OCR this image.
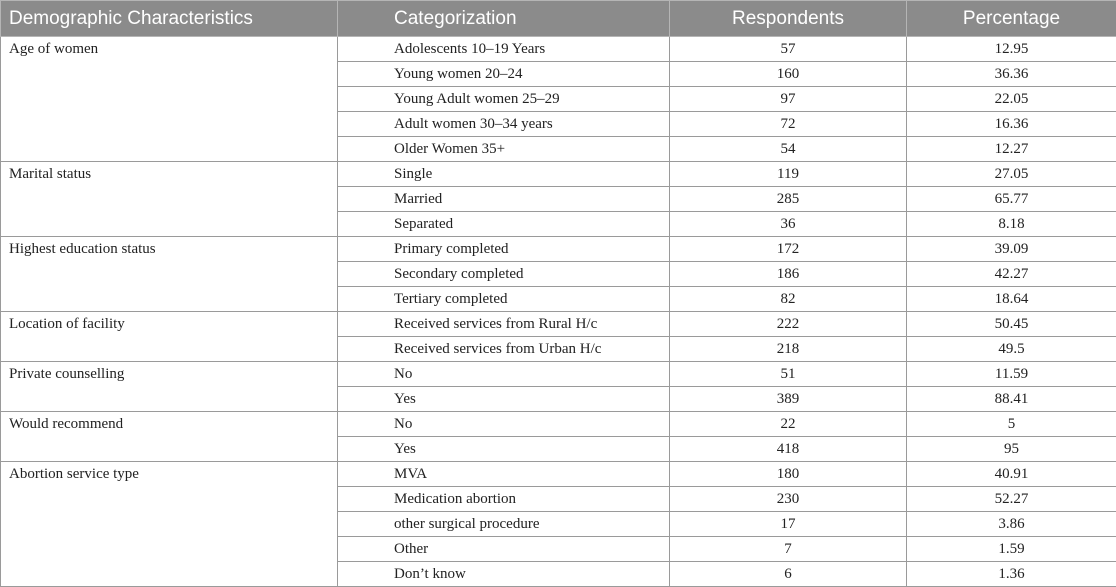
Demographic Characteristics	Categorization	Respondents	Percentage
Age of women	Adolescents 10–19 Years	57	12.95
	Young women 20–24	160	36.36
	Young Adult women 25–29	97	22.05
	Adult women 30–34 years	72	16.36
	Older Women 35+	54	12.27
Marital status	Single	119	27.05
	Married	285	65.77
	Separated	36	8.18
Highest education status	Primary completed	172	39.09
	Secondary completed	186	42.27
	Tertiary completed	82	18.64
Location of facility	Received services from Rural H/c	222	50.45
	Received services from Urban H/c	218	49.5
Private counselling	No	51	11.59
	Yes	389	88.41
Would recommend	No	22	5
	Yes	418	95
Abortion service type	MVA	180	40.91
	Medication abortion	230	52.27
	other surgical procedure	17	3.86
	Other	7	1.59
	Don’t know	6	1.36
